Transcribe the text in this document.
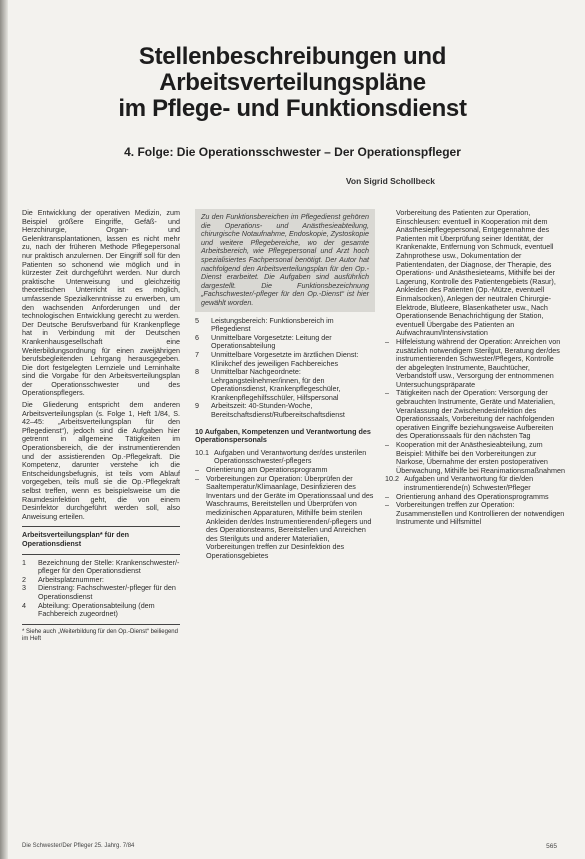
Stellenbeschreibungen und
Arbeitsverteilungspläne
im Pflege- und Funktionsdienst
4. Folge: Die Operationsschwester – Der Operationspfleger
Von Sigrid Schollbeck

Die Entwicklung der operativen Medizin, zum Beispiel größere Eingriffe, Gefäß- und Herzchirurgie, Organ- und Gelenktransplantationen, lassen es nicht mehr zu, nach der früheren Methode Pflegepersonal nur praktisch anzulernen. Der Eingriff soll für den Patienten so schonend wie möglich und in kürzester Zeit durchgeführt werden. Nur durch praktische Unterweisung und gleichzeitig theoretischen Unterricht ist es möglich, umfassende Spezialkenntnisse zu erwerben, um den wachsenden Anforderungen und der technologischen Entwicklung gerecht zu werden. Der Deutsche Berufsverband für Krankenpflege hat in Verbindung mit der Deutschen Krankenhausgesellschaft eine Weiterbildungsordnung für einen zweijährigen berufsbegleitenden Lehrgang herausgegeben. Die dort festgelegten Lernziele und Lerninhalte sind die Vorgabe für den Arbeitsverteilungsplan der Operationsschwester und des Operationspflegers.

Die Gliederung entspricht dem anderen Arbeitsverteilungsplan (s. Folge 1, Heft 1/84, S. 42–45: „Arbeitsverteilungsplan für den Pflegedienst“), jedoch sind die Aufgaben hier getrennt in allgemeine Tätigkeiten im Operationsbereich, die der instrumentierenden und der assistierenden Op.-Pflegekraft. Die Kompetenz, darunter verstehe ich die Entscheidungsbefugnis, ist teils vom Ablauf vorgegeben, teils muß sie die Op.-Pflegekraft selbst treffen, wenn es beispielsweise um die Raumdesinfektion geht, die von einem Desinfektor durchgeführt werden soll, also Anweisung erteilen.

Arbeitsverteilungsplan* für den Operationsdienst
1	Bezeichnung der Stelle: Krankenschwester/-pfleger für den Operationsdienst
2	Arbeitsplatznummer:
3	Dienstrang: Fachschwester/-pfleger für den Operationsdienst
4	Abteilung: Operationsabteilung (dem Fachbereich zugeordnet)
* Siehe auch „Weiterbildung für den Op.-Dienst“ beiliegend im Heft

Zu den Funktionsbereichen im Pflegedienst gehören die Operations- und Anästhesieabteilung, chirurgische Notaufnahme, Endoskopie, Zystoskopie und weitere Pflegebereiche, wo der gesamte Arbeitsbereich, wie Pflegepersonal und Arzt hoch spezialisiertes Fachpersonal benötigt. Der Autor hat nachfolgend den Arbeitsverteilungsplan für den Op.-Dienst erarbeitet. Die Aufgaben sind ausführlich dargestellt. Die Funktionsbezeichnung „Fachschwester/-pfleger für den Op.-Dienst“ ist hier gewählt worden.

5	Leistungsbereich: Funktionsbereich im Pflegedienst
6	Unmittelbare Vorgesetzte: Leitung der Operationsabteilung
7	Unmittelbare Vorgesetzte im ärztlichen Dienst: Klinikchef des jeweiligen Fachbereiches
8	Unmittelbar Nachgeordnete: Lehrgangsteilnehmer/innen, für den Operationsdienst, Krankenpflegeschüler, Krankenpflegehilfsschüler, Hilfspersonal
9	Arbeitszeit: 40-Stunden-Woche, Bereitschaftsdienst/Rufbereitschaftsdienst
10 Aufgaben, Kompetenzen und Verantwortung des Operationspersonals
10.1 Aufgaben und Verantwortung der/des unsterilen Operationsschwester/-pflegers
– Orientierung am Operationsprogramm
– Vorbereitungen zur Operation: Überprüfen der Saaltemperatur/Klimaanlage, Desinfizieren des Inventars und der Geräte im Operationssaal und des Waschraums, Bereitstellen und Überprüfen von medizinischen Apparaturen, Mithilfe beim sterilen Ankleiden der/des Instrumentierenden/-pflegers und des Operationsteams, Bereitstellen und Anreichen des Sterilguts und anderer Materialien, Vorbereitungen treffen zur Desinfektion des Operationsgebietes
Vorbereitung des Patienten zur Operation, Einschleusen: eventuell in Kooperation mit dem Anästhesiepflegepersonal, Entgegennahme des Patienten mit Überprüfung seiner Identität, der Krankenakte, Entfernung von Schmuck, eventuell Zahnprothese usw., Dokumentation der Patientendaten, der Diagnose, der Therapie, des Operations- und Anästhesieteams, Mithilfe bei der Lagerung, Kontrolle des Patientengebiets (Rasur), Ankleiden des Patienten (Op.-Mütze, eventuell Einmalsocken), Anlegen der neutralen Chirurgie-Elektrode, Blutleere, Blasenkatheter usw., Nach Operationsende Benachrichtigung der Station, eventuell Übergabe des Patienten an Aufwachraum/Intensivstation
– Hilfeleistung während der Operation: Anreichen von zusätzlich notwendigem Sterilgut, Beratung der/des instrumentierenden Schwester/Pflegers, Kontrolle der abgelegten Instrumente, Bauchtücher, Verbandstoff usw., Versorgung der entnommenen Untersuchungspräparate
– Tätigkeiten nach der Operation: Versorgung der gebrauchten Instrumente, Geräte und Materialien, Veranlassung der Zwischendesinfektion des Operationssaals, Vorbereitung der nachfolgenden operativen Eingriffe beziehungsweise Aufbereiten des Operationssaals für den nächsten Tag
– Kooperation mit der Anästhesieabteilung, zum Beispiel: Mithilfe bei den Vorbereitungen zur Narkose, Übernahme der ersten postoperativen Überwachung, Mithilfe bei Reanimationsmaßnahmen
10.2 Aufgaben und Verantwortung für die/den instrumentierende(n) Schwester/Pfleger
– Orientierung anhand des Operationsprogramms
– Vorbereitungen treffen zur Operation: Zusammenstellen und Kontrollieren der notwendigen Instrumente und Hilfsmittel
Die Schwester/Der Pfleger 25. Jahrg. 7/84	565
